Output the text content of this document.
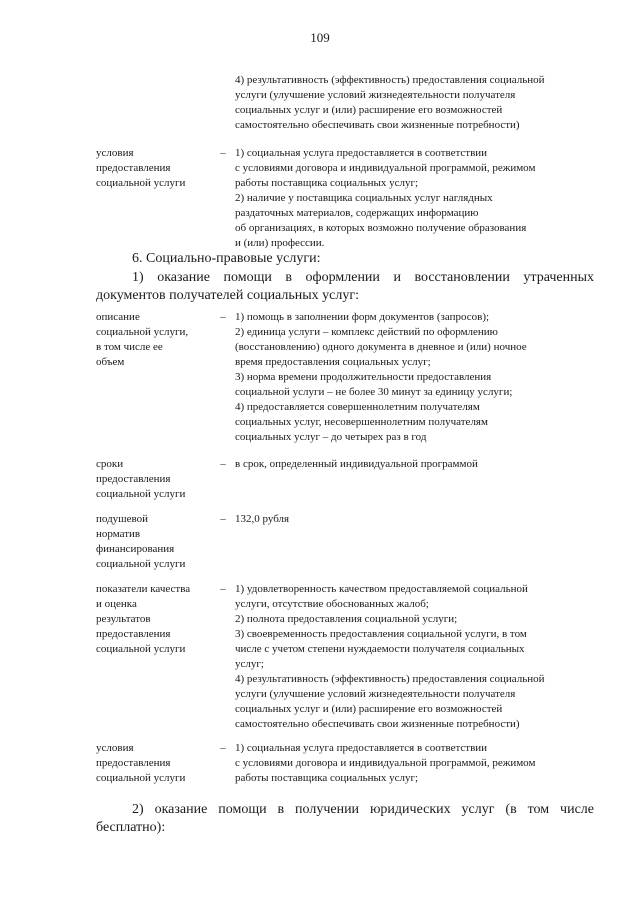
109
4) результативность (эффективность) предоставления социальной
услуги (улучшение условий жизнедеятельности получателя
социальных услуг и (или) расширение его возможностей
самостоятельно обеспечивать свои жизненные потребности)
условия
предоставления
социальной услуги
– 1) социальная услуга предоставляется в соответствии
с условиями договора и индивидуальной программой, режимом
работы поставщика социальных услуг;
2) наличие у поставщика социальных услуг наглядных
раздаточных материалов, содержащих информацию
об организациях, в которых возможно получение образования
и (или) профессии.
6. Социально-правовые услуги:
1) оказание помощи в оформлении и восстановлении утраченных
документов получателей социальных услуг:
описание
социальной услуги,
в том числе ее
объем
– 1) помощь в заполнении форм документов (запросов);
2) единица услуги – комплекс действий по оформлению
(восстановлению) одного документа в дневное и (или) ночное
время предоставления социальных услуг;
3) норма времени продолжительности предоставления
социальной услуги – не более 30 минут за единицу услуги;
4) предоставляется совершеннолетним получателям
социальных услуг, несовершеннолетним получателям
социальных услуг – до четырех раз в год
сроки
предоставления
социальной услуги
– в срок, определенный индивидуальной программой
подушевой
норматив
финансирования
социальной услуги
– 132,0 рубля
показатели качества
и оценка
результатов
предоставления
социальной услуги
– 1) удовлетворенность качеством предоставляемой социальной
услуги, отсутствие обоснованных жалоб;
2) полнота предоставления социальной услуги;
3) своевременность предоставления социальной услуги, в том
числе с учетом степени нуждаемости получателя социальных
услуг;
4) результативность (эффективность) предоставления социальной
услуги (улучшение условий жизнедеятельности получателя
социальных услуг и (или) расширение его возможностей
самостоятельно обеспечивать свои жизненные потребности)
условия
предоставления
социальной услуги
– 1) социальная услуга предоставляется в соответствии
с условиями договора и индивидуальной программой, режимом
работы поставщика социальных услуг;
2) оказание помощи в получении юридических услуг (в том числе
бесплатно):
